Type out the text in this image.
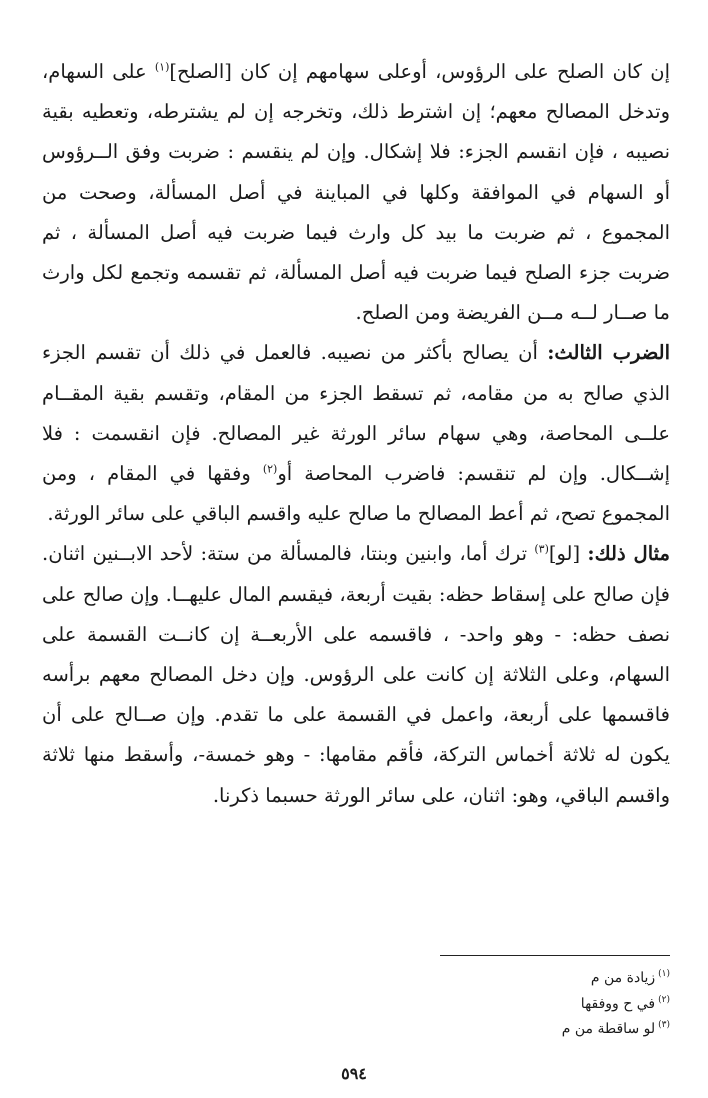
إن كان الصلح على الرؤوس، أوعلى سهامهم إن كان [الصلح]$^{(١)}$ على السهام، وتدخل المصالح معهم؛ إن اشترط ذلك، وتخرجه إن لم يشترطه، وتعطيه بقية نصيبه ، فإن انقسم الجزء: فلا إشكال. وإن لم ينقسم : ضربت وفق الــرؤوس أو السهام في الموافقة وكلها في المباينة في أصل المسألة، وصحت من المجموع ، ثم ضربت ما بيد كل وارث فيما ضربت فيه أصل المسألة ، ثم ضربت جزء الصلح فيما ضربت فيه أصل المسألة، ثم تقسمه وتجمع لكل وارث ما صــار لــه مــن الفريضة ومن الصلح.

الضرب الثالث: أن يصالح بأكثر من نصيبه. فالعمل في ذلك أن تقسم الجزء الذي صالح به من مقامه، ثم تسقط الجزء من المقام، وتقسم بقية المقــام علــى المحاصة، وهي سهام سائر الورثة غير المصالح. فإن انقسمت : فلا إشــكال. وإن لم تنقسم: فاضرب المحاصة أو$^{(٢)}$ وفقها في المقام ، ومن المجموع تصح، ثم أعط المصالح ما صالح عليه واقسم الباقي على سائر الورثة.

مثال ذلك: [لو]$^{(٣)}$ ترك أما، وابنين وبنتا، فالمسألة من ستة: لأحد الابــنين اثنان. فإن صالح على إسقاط حظه: بقيت أربعة، فيقسم المال عليهــا. وإن صالح على نصف حظه: - وهو واحد- ، فاقسمه على الأربعــة إن كانــت القسمة على السهام، وعلى الثلاثة إن كانت على الرؤوس. وإن دخل المصالح معهم برأسه فاقسمها على أربعة، واعمل في القسمة على ما تقدم. وإن صــالح على أن يكون له ثلاثة أخماس التركة، فأقم مقامها: - وهو خمسة-، وأسقط منها ثلاثة واقسم الباقي، وهو: اثنان، على سائر الورثة حسبما ذكرنا.

$^{(١)}$زيادة من م
$^{(٢)}$في ح ووفقها
$^{(٣)}$لو ساقطة من م
٥٩٤
